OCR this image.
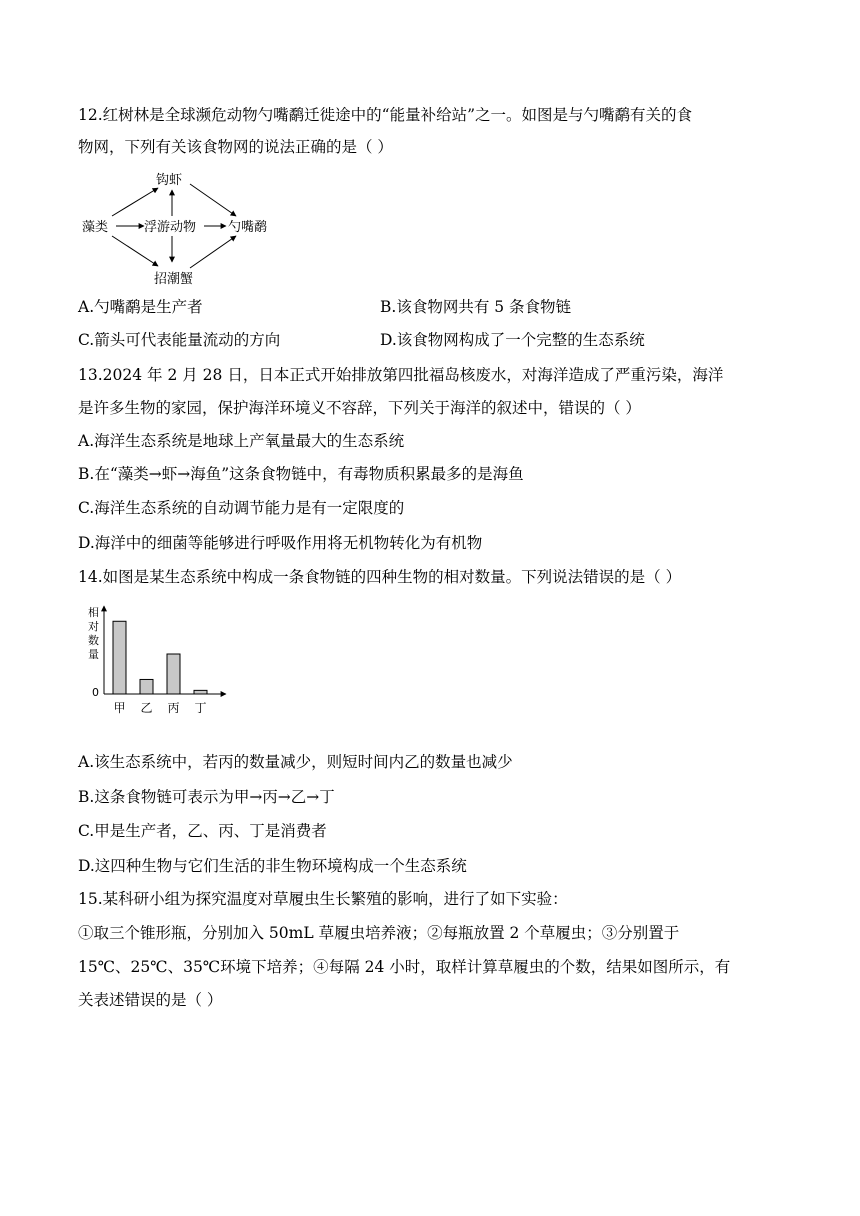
12.红树林是全球濒危动物勺嘴鹬迁徙途中的“能量补给站”之一。如图是与勺嘴鹬有关的食
物网，下列有关该食物网的说法正确的是（ ）
钩虾
藻类	浮游动物 勺嘴鹬
招潮蟹
A.勺嘴鹬是生产者	B.该食物网共有 5 条食物链
C.箭头可代表能量流动的方向	D.该食物网构成了一个完整的生态系统
13.2024 年 2 月 28 日，日本正式开始排放第四批福岛核废水，对海洋造成了严重污染，海洋
是许多生物的家园，保护海洋环境义不容辞，下列关于海洋的叙述中，错误的（ ）
A.海洋生态系统是地球上产氧量最大的生态系统
B.在“藻类→虾→海鱼”这条食物链中，有毒物质积累最多的是海鱼
C.海洋生态系统的自动调节能力是有一定限度的
D.海洋中的细菌等能够进行呼吸作用将无机物转化为有机物
14.如图是某生态系统中构成一条食物链的四种生物的相对数量。下列说法错误的是（ ）
相
对
数
量
0
甲 乙 丙 丁
A.该生态系统中，若丙的数量减少，则短时间内乙的数量也减少
B.这条食物链可表示为甲→丙→乙→丁
C.甲是生产者，乙、丙、丁是消费者
D.这四种生物与它们生活的非生物环境构成一个生态系统
15.某科研小组为探究温度对草履虫生长繁殖的影响，进行了如下实验：
①取三个锥形瓶，分别加入 50mL 草履虫培养液；②每瓶放置 2 个草履虫；③分别置于
15℃、25℃、35℃环境下培养；④每隔 24 小时，取样计算草履虫的个数，结果如图所示，有
关表述错误的是（ ）
